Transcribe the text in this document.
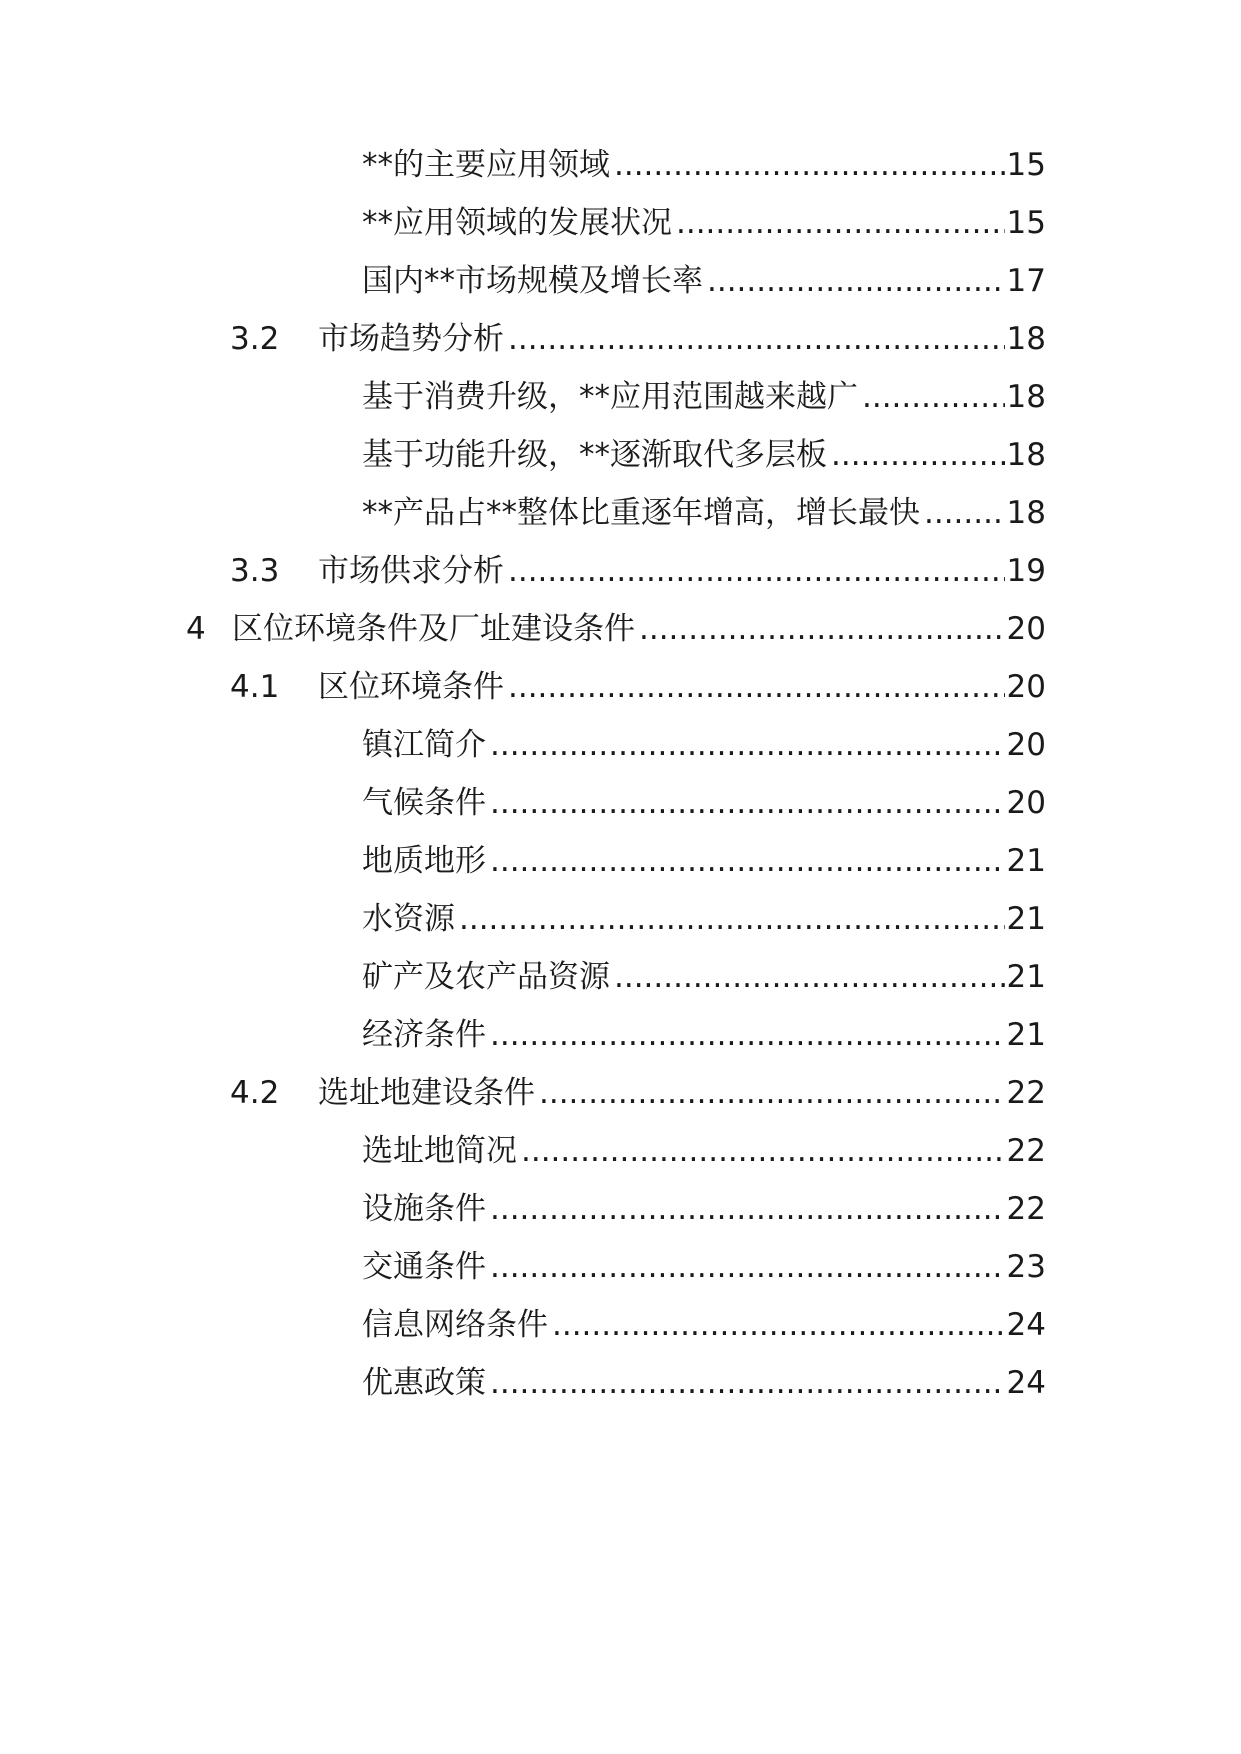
**的主要应用领域 .....	15
**应用领域的发展状况 .....	15
国内**市场规模及增长率 .....	17
3.2	市场趋势分析 .....	18
基于消费升级，**应用范围越来越广 .....	18
基于功能升级，**逐渐取代多层板 .....	18
**产品占**整体比重逐年增高，增长最快 .....	18
3.3	市场供求分析 .....	19
4 区位环境条件及厂址建设条件 .....	20
4.1	区位环境条件 .....	20
镇江简介 .....	20
气候条件 .....	20
地质地形 .....	21
水资源 .....	21
矿产及农产品资源 .....	21
经济条件 .....	21
4.2	选址地建设条件 .....	22
选址地简况 .....	22
设施条件 .....	22
交通条件 .....	23
信息网络条件 .....	24
优惠政策 .....	24
